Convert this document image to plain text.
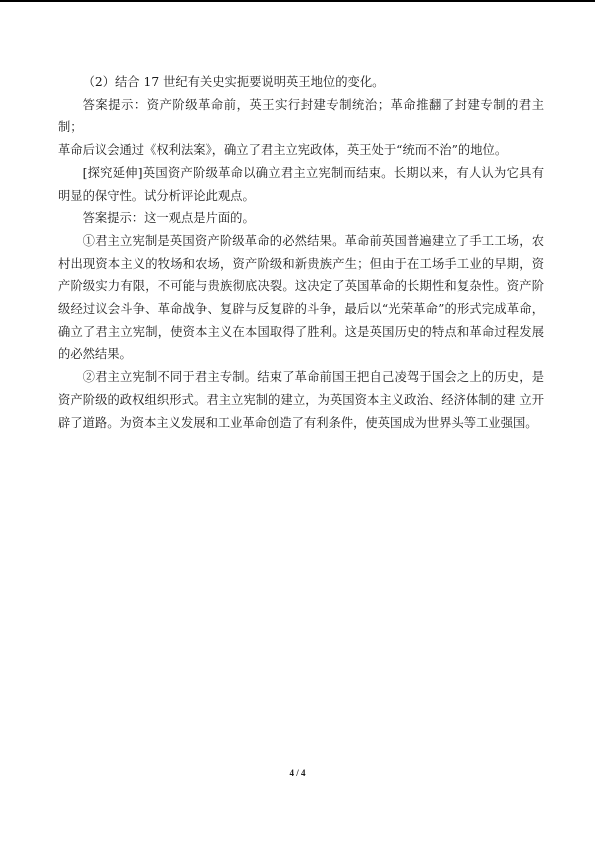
（2）结合 17 世纪有关史实扼要说明英王地位的变化。

答案提示：资产阶级革命前，英王实行封建专制统治；革命推翻了封建专制的君主制；

革命后议会通过《权利法案》，确立了君主立宪政体，英王处于“统而不治”的地位。

[探究延伸]英国资产阶级革命以确立君主立宪制而结束。长期以来，有人认为它具有明显的保守性。试分析评论此观点。

答案提示：这一观点是片面的。

①君主立宪制是英国资产阶级革命的必然结果。革命前英国普遍建立了手工工场，农村出现资本主义的牧场和农场，资产阶级和新贵族产生；但由于在工场手工业的早期，资产阶级实力有限，不可能与贵族彻底决裂。这决定了英国革命的长期性和复杂性。资产阶级经过议会斗争、革命战争、复辟与反复辟的斗争，最后以“光荣革命”的形式完成革命，确立了君主立宪制，使资本主义在本国取得了胜利。这是英国历史的特点和革命过程发展的必然结果。

②君主立宪制不同于君主专制。结束了革命前国王把自己凌驾于国会之上的历史，是资产阶级的政权组织形式。君主立宪制的建立，为英国资本主义政治、经济体制的建 立开辟了道路。为资本主义发展和工业革命创造了有利条件，使英国成为世界头等工业强国。

4 / 4
